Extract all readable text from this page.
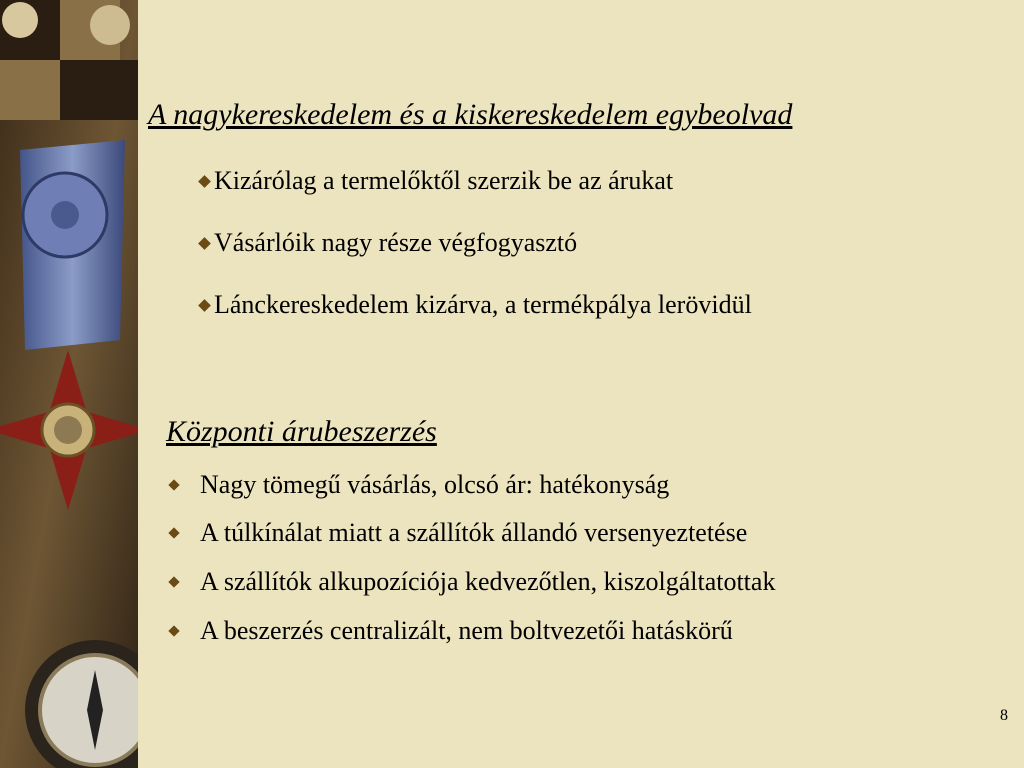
A nagykereskedelem és a kiskereskedelem egybeolvad
Kizárólag a termelőktől szerzik be az árukat
Vásárlóik nagy része végfogyasztó
Lánckereskedelem kizárva, a termékpálya lerövidül
Központi árubeszerzés
Nagy tömegű vásárlás, olcsó ár: hatékonyság
A túlkínálat miatt a szállítók állandó versenyeztetése
A szállítók alkupozíciója kedvezőtlen, kiszolgáltatottak
A beszerzés centralizált, nem boltvezetői hatáskörű
8
